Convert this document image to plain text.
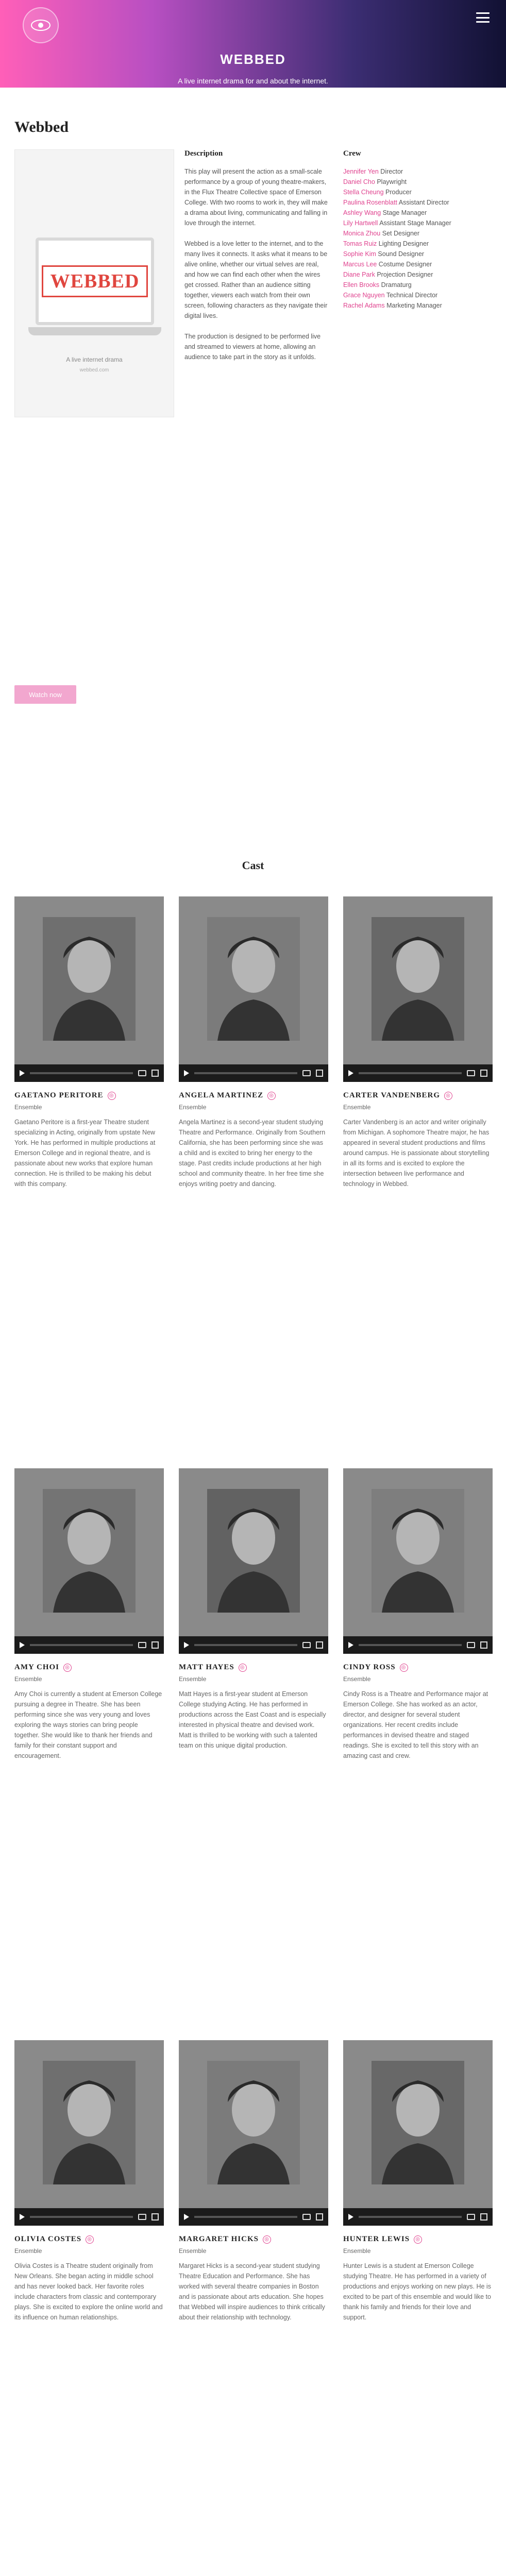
WEBBED

A live internet drama for and about the internet.

Webbed
WEBBED
A live internet drama
webbed.com
Watch now
Description

This play will present the action as a small-scale performance by a group of young theatre-makers, in the Flux Theatre Collective space of Emerson College. With two rooms to work in, they will make a drama about living, communicating and falling in love through the internet.

Webbed is a love letter to the internet, and to the many lives it connects. It asks what it means to be alive online, whether our virtual selves are real, and how we can find each other when the wires get crossed. Rather than an audience sitting together, viewers each watch from their own screen, following characters as they navigate their digital lives.

The production is designed to be performed live and streamed to viewers at home, allowing an audience to take part in the story as it unfolds.

Crew
Jennifer Yen Director
Daniel Cho Playwright
Stella Cheung Producer
Paulina Rosenblatt Assistant Director
Ashley Wang Stage Manager
Lily Hartwell Assistant Stage Manager
Monica Zhou Set Designer
Tomas Ruiz Lighting Designer
Sophie Kim Sound Designer
Marcus Lee Costume Designer
Diane Park Projection Designer
Ellen Brooks Dramaturg
Grace Nguyen Technical Director
Rachel Adams Marketing Manager
Cast
GAETANO PERITORE	◎
Ensemble
Gaetano Peritore is a first-year Theatre student specializing in Acting, originally from upstate New York. He has performed in multiple productions at Emerson College and in regional theatre, and is passionate about new works that explore human connection. He is thrilled to be making his debut with this company.
ANGELA MARTINEZ	◎
Ensemble
Angela Martinez is a second-year student studying Theatre and Performance. Originally from Southern California, she has been performing since she was a child and is excited to bring her energy to the stage. Past credits include productions at her high school and community theatre. In her free time she enjoys writing poetry and dancing.
CARTER VANDENBERG	◎
Ensemble
Carter Vandenberg is an actor and writer originally from Michigan. A sophomore Theatre major, he has appeared in several student productions and films around campus. He is passionate about storytelling in all its forms and is excited to explore the intersection between live performance and technology in Webbed.
AMY CHOI	◎
Ensemble
Amy Choi is currently a student at Emerson College pursuing a degree in Theatre. She has been performing since she was very young and loves exploring the ways stories can bring people together. She would like to thank her friends and family for their constant support and encouragement.
MATT HAYES	◎
Ensemble
Matt Hayes is a first-year student at Emerson College studying Acting. He has performed in productions across the East Coast and is especially interested in physical theatre and devised work. Matt is thrilled to be working with such a talented team on this unique digital production.
CINDY ROSS	◎
Ensemble
Cindy Ross is a Theatre and Performance major at Emerson College. She has worked as an actor, director, and designer for several student organizations. Her recent credits include performances in devised theatre and staged readings. She is excited to tell this story with an amazing cast and crew.
OLIVIA COSTES	◎
Ensemble
Olivia Costes is a Theatre student originally from New Orleans. She began acting in middle school and has never looked back. Her favorite roles include characters from classic and contemporary plays. She is excited to explore the online world and its influence on human relationships.
MARGARET HICKS	◎
Ensemble
Margaret Hicks is a second-year student studying Theatre Education and Performance. She has worked with several theatre companies in Boston and is passionate about arts education. She hopes that Webbed will inspire audiences to think critically about their relationship with technology.
HUNTER LEWIS	◎
Ensemble
Hunter Lewis is a student at Emerson College studying Theatre. He has performed in a variety of productions and enjoys working on new plays. He is excited to be part of this ensemble and would like to thank his family and friends for their love and support.
